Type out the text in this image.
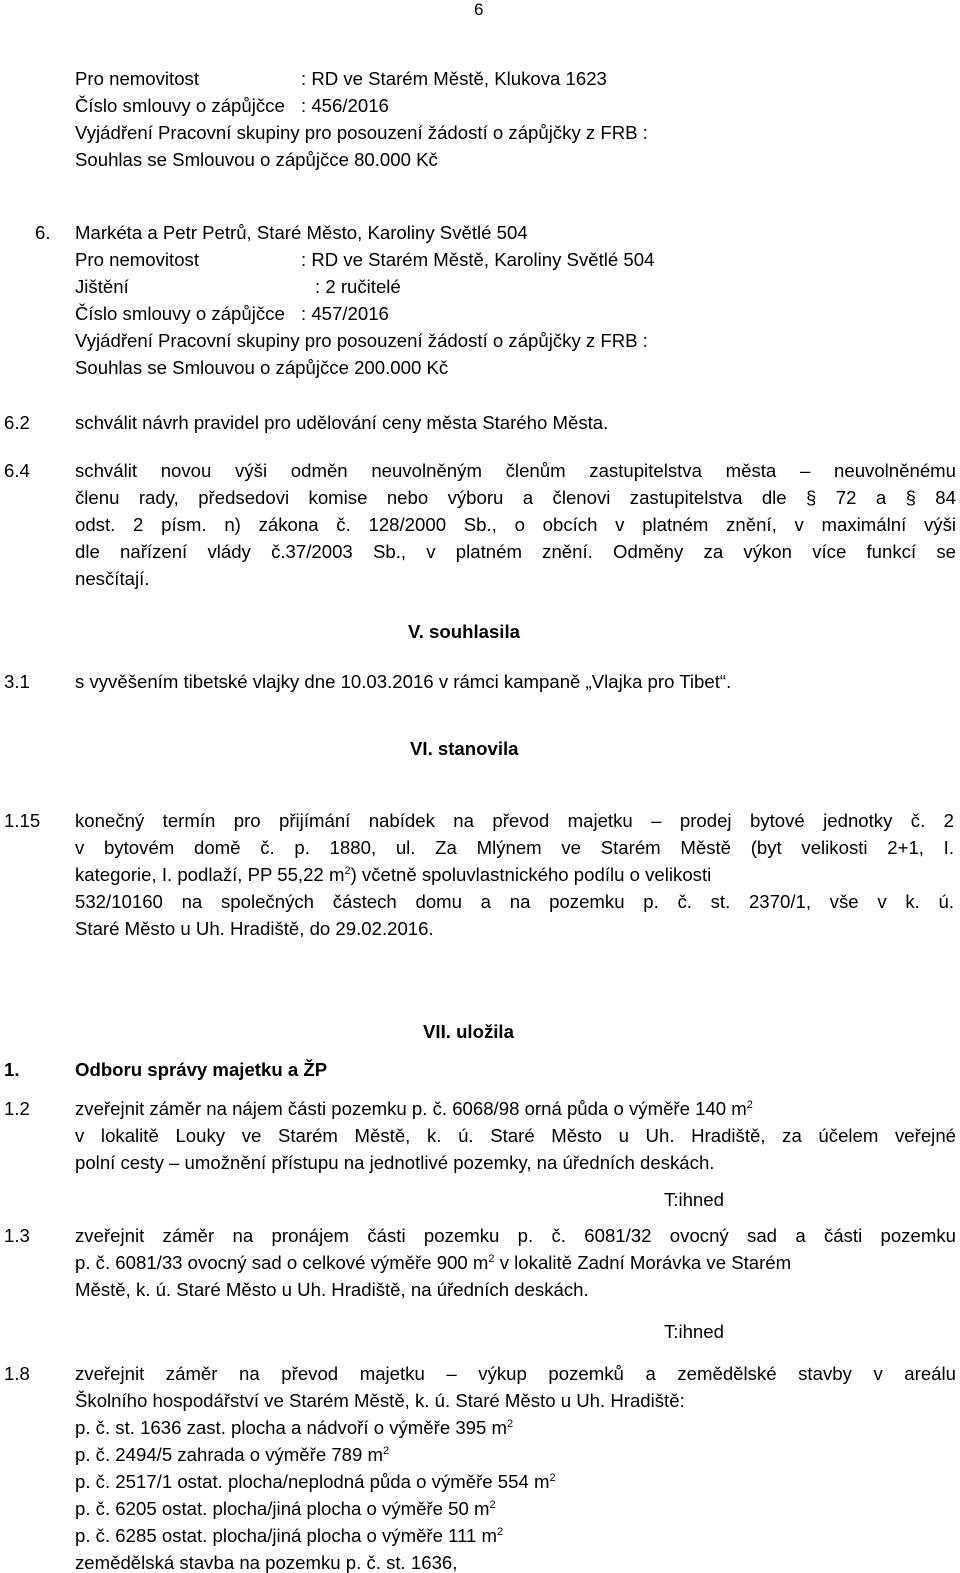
6
Pro nemovitost	: RD ve Starém Městě, Klukova 1623
Číslo smlouvy o zápůjčce : 456/2016
Vyjádření Pracovní skupiny pro posouzení žádostí o zápůjčky z FRB :
Souhlas se Smlouvou o zápůjčce 80.000 Kč
6. Markéta a Petr Petrů, Staré Město, Karoliny Světlé 504
Pro nemovitost	: RD ve Starém Městě, Karoliny Světlé 504
Jištění	: 2 ručitelé
Číslo smlouvy o zápůjčce : 457/2016
Vyjádření Pracovní skupiny pro posouzení žádostí o zápůjčky z FRB :
Souhlas se Smlouvou o zápůjčce 200.000 Kč
6.2 schválit návrh pravidel pro udělování ceny města Starého Města.
6.4 schválit novou výši odměn neuvolněným členům zastupitelstva města – neuvolněnému
členu rady, předsedovi komise nebo výboru a členovi zastupitelstva dle § 72 a § 84
odst. 2 písm. n) zákona č. 128/2000 Sb., o obcích v platném znění, v maximální výši
dle nařízení vlády č.37/2003 Sb., v platném znění. Odměny za výkon více funkcí se
nesčítají.
V. souhlasila
3.1 s vyvěšením tibetské vlajky dne 10.03.2016 v rámci kampaně „Vlajka pro Tibet“.
VI. stanovila
1.15 konečný termín pro přijímání nabídek na převod majetku – prodej bytové jednotky č. 2
v bytovém domě č. p. 1880, ul. Za Mlýnem ve Starém Městě (byt velikosti 2+1, I.
kategorie, I. podlaží, PP 55,22 $m^2$) včetně spoluvlastnického podílu o velikosti
532/10160 na společných částech domu a na pozemku p. č. st. 2370/1, vše v k. ú.
Staré Město u Uh. Hradiště, do 29.02.2016.
VII. uložila
1.	Odboru správy majetku a ŽP
1.2 zveřejnit záměr na nájem části pozemku p. č. 6068/98 orná půda o výměře 140 $m^2$
v lokalitě Louky ve Starém Městě, k. ú. Staré Město u Uh. Hradiště, za účelem veřejné
polní cesty – umožnění přístupu na jednotlivé pozemky, na úředních deskách.
T:ihned
1.3 zveřejnit záměr na pronájem části pozemku p. č. 6081/32 ovocný sad a části pozemku
p. č. 6081/33 ovocný sad o celkové výměře 900 $m^2$ v lokalitě Zadní Morávka ve Starém
Městě, k. ú. Staré Město u Uh. Hradiště, na úředních deskách.
T:ihned
1.8 zveřejnit záměr na převod majetku – výkup pozemků a zemědělské stavby v areálu
Školního hospodářství ve Starém Městě, k. ú. Staré Město u Uh. Hradiště:
p. č. st. 1636 zast. plocha a nádvoří o výměře 395 $m^2$
p. č. 2494/5 zahrada o výměře 789 $m^2$
p. č. 2517/1 ostat. plocha/neplodná půda o výměře 554 $m^2$
p. č. 6205 ostat. plocha/jiná plocha o výměře 50 $m^2$
p. č. 6285 ostat. plocha/jiná plocha o výměře 111 $m^2$
zemědělská stavba na pozemku p. č. st. 1636,
